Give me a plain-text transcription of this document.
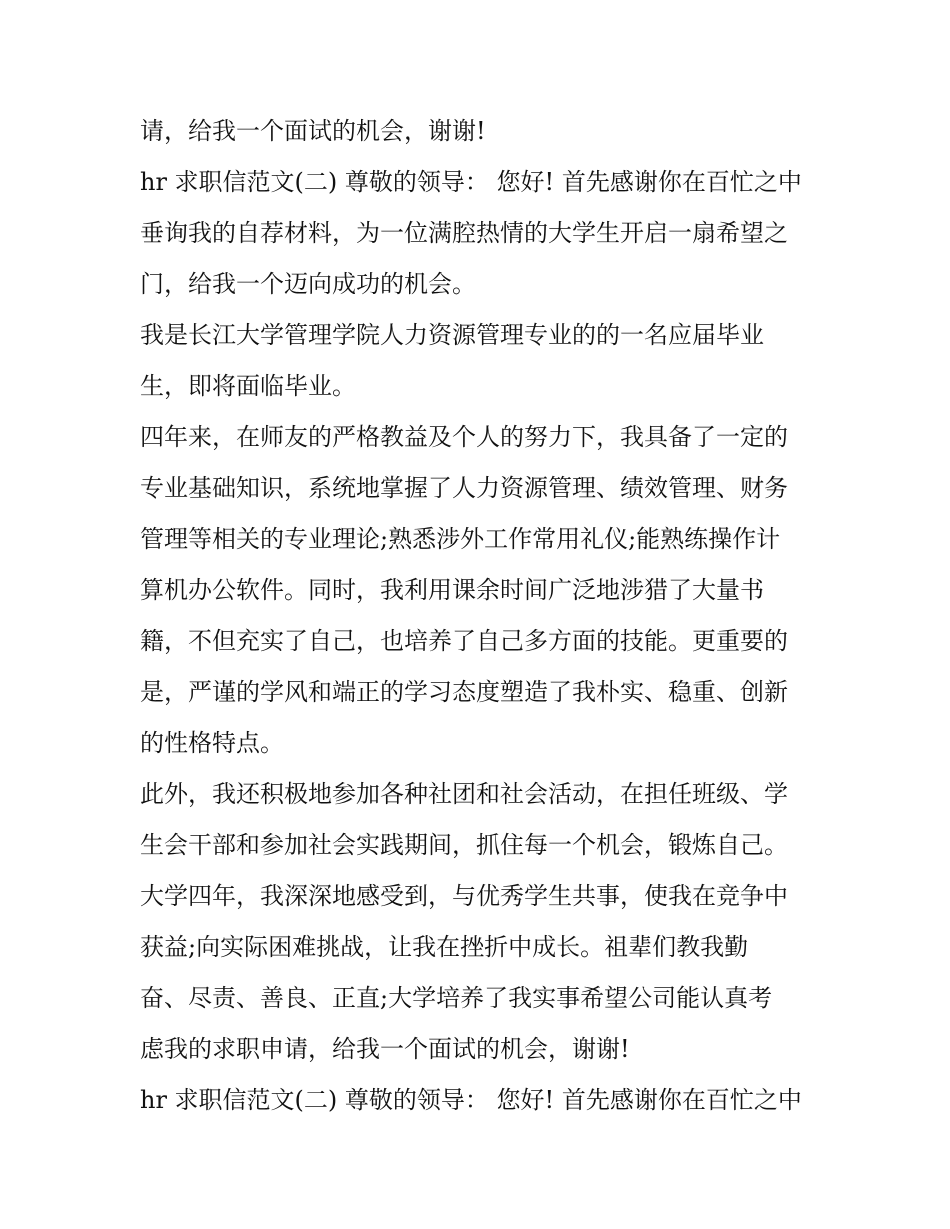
请，给我一个面试的机会，谢谢!
hr 求职信范文(二) 尊敬的领导： 您好! 首先感谢你在百忙之中
垂询我的自荐材料，为一位满腔热情的大学生开启一扇希望之
门，给我一个迈向成功的机会。
我是长江大学管理学院人力资源管理专业的的一名应届毕业
生，即将面临毕业。
四年来，在师友的严格教益及个人的努力下，我具备了一定的
专业基础知识，系统地掌握了人力资源管理、绩效管理、财务
管理等相关的专业理论;熟悉涉外工作常用礼仪;能熟练操作计
算机办公软件。同时，我利用课余时间广泛地涉猎了大量书
籍，不但充实了自己，也培养了自己多方面的技能。更重要的
是，严谨的学风和端正的学习态度塑造了我朴实、稳重、创新
的性格特点。
此外，我还积极地参加各种社团和社会活动，在担任班级、学
生会干部和参加社会实践期间，抓住每一个机会，锻炼自己。
大学四年，我深深地感受到，与优秀学生共事，使我在竞争中
获益;向实际困难挑战，让我在挫折中成长。祖辈们教我勤
奋、尽责、善良、正直;大学培养了我实事希望公司能认真考
虑我的求职申请，给我一个面试的机会，谢谢!
hr 求职信范文(二) 尊敬的领导： 您好! 首先感谢你在百忙之中
